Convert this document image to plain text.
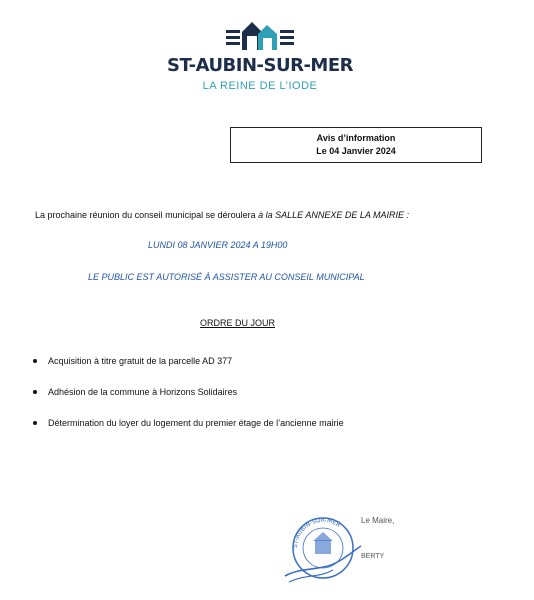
ST-AUBIN-SUR-MER
LA REINE DE L’IODE
Avis d’information
Le 04 Janvier 2024
La prochaine réunion du conseil municipal se déroulera à la SALLE ANNEXE DE LA MAIRIE :
LUNDI 08 JANVIER 2024 A 19H00
LE PUBLIC EST AUTORISÉ À ASSISTER AU CONSEIL MUNICIPAL
ORDRE DU JOUR
Acquisition à titre gratuit de la parcelle AD 377
Adhésion de la commune à Horizons Solidaires
Détermination du loyer du logement du premier étage de l’ancienne mairie
ST-AUBIN-SUR-MER Le Maire,
BERTY
